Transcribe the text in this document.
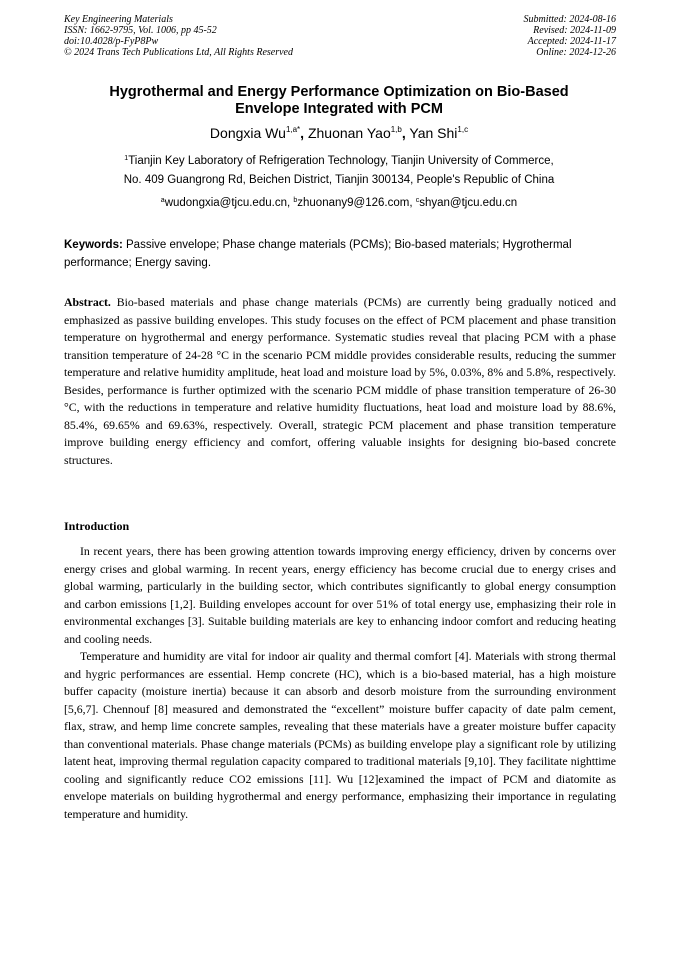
Key Engineering Materials
ISSN: 1662-9795, Vol. 1006, pp 45-52
doi:10.4028/p-FyP8Pw
© 2024 Trans Tech Publications Ltd, All Rights Reserved
Submitted: 2024-08-16
Revised: 2024-11-09
Accepted: 2024-11-17
Online: 2024-12-26
Hygrothermal and Energy Performance Optimization on Bio-Based
Envelope Integrated with PCM
Dongxia $Wu^{1,a*}$, Zhuonan Yao$^{1,b}$, Yan Shi$^{1,c}$
$^1$Tianjin Key Laboratory of Refrigeration Technology, Tianjin University of Commerce,
No. 409 Guangrong Rd, Beichen District, Tianjin 300134, People's Republic of China
$^a$wudongxia@tjcu.edu.cn, $^b$zhuonany9@126.com, $^c$shyan@tjcu.edu.cn
Keywords: Passive envelope; Phase change materials (PCMs); Bio-based materials; Hygrothermal performance; Energy saving.
Abstract. Bio-based materials and phase change materials (PCMs) are currently being gradually noticed and emphasized as passive building envelopes. This study focuses on the effect of PCM placement and phase transition temperature on hygrothermal and energy performance. Systematic studies reveal that placing PCM with a phase transition temperature of 24-28 °C in the scenario PCM middle provides considerable results, reducing the summer temperature and relative humidity amplitude, heat load and moisture load by 5%, 0.03%, 8% and 5.8%, respectively. Besides, performance is further optimized with the scenario PCM middle of phase transition temperature of 26-30 °C, with the reductions in temperature and relative humidity fluctuations, heat load and moisture load by 88.6%, 85.4%, 69.65% and 69.63%, respectively. Overall, strategic PCM placement and phase transition temperature improve building energy efficiency and comfort, offering valuable insights for designing bio-based concrete structures.
Introduction

In recent years, there has been growing attention towards improving energy efficiency, driven by concerns over energy crises and global warming. In recent years, energy efficiency has become crucial due to energy crises and global warming, particularly in the building sector, which contributes significantly to global energy consumption and carbon emissions [1,2]. Building envelopes account for over 51% of total energy use, emphasizing their role in environmental exchanges [3]. Suitable building materials are key to enhancing indoor comfort and reducing heating and cooling needs.

Temperature and humidity are vital for indoor air quality and thermal comfort [4]. Materials with strong thermal and hygric performances are essential. Hemp concrete (HC), which is a bio-based material, has a high moisture buffer capacity (moisture inertia) because it can absorb and desorb moisture from the surrounding environment [5,6,7]. Chennouf [8] measured and demonstrated the “excellent” moisture buffer capacity of date palm cement, flax, straw, and hemp lime concrete samples, revealing that these materials have a greater moisture buffer capacity than conventional materials. Phase change materials (PCMs) as building envelope play a significant role by utilizing latent heat, improving thermal regulation capacity compared to traditional materials [9,10]. They facilitate nighttime cooling and significantly reduce CO2 emissions [11]. Wu [12]examined the impact of PCM and diatomite as envelope materials on building hygrothermal and energy performance, emphasizing their importance in regulating temperature and humidity.
